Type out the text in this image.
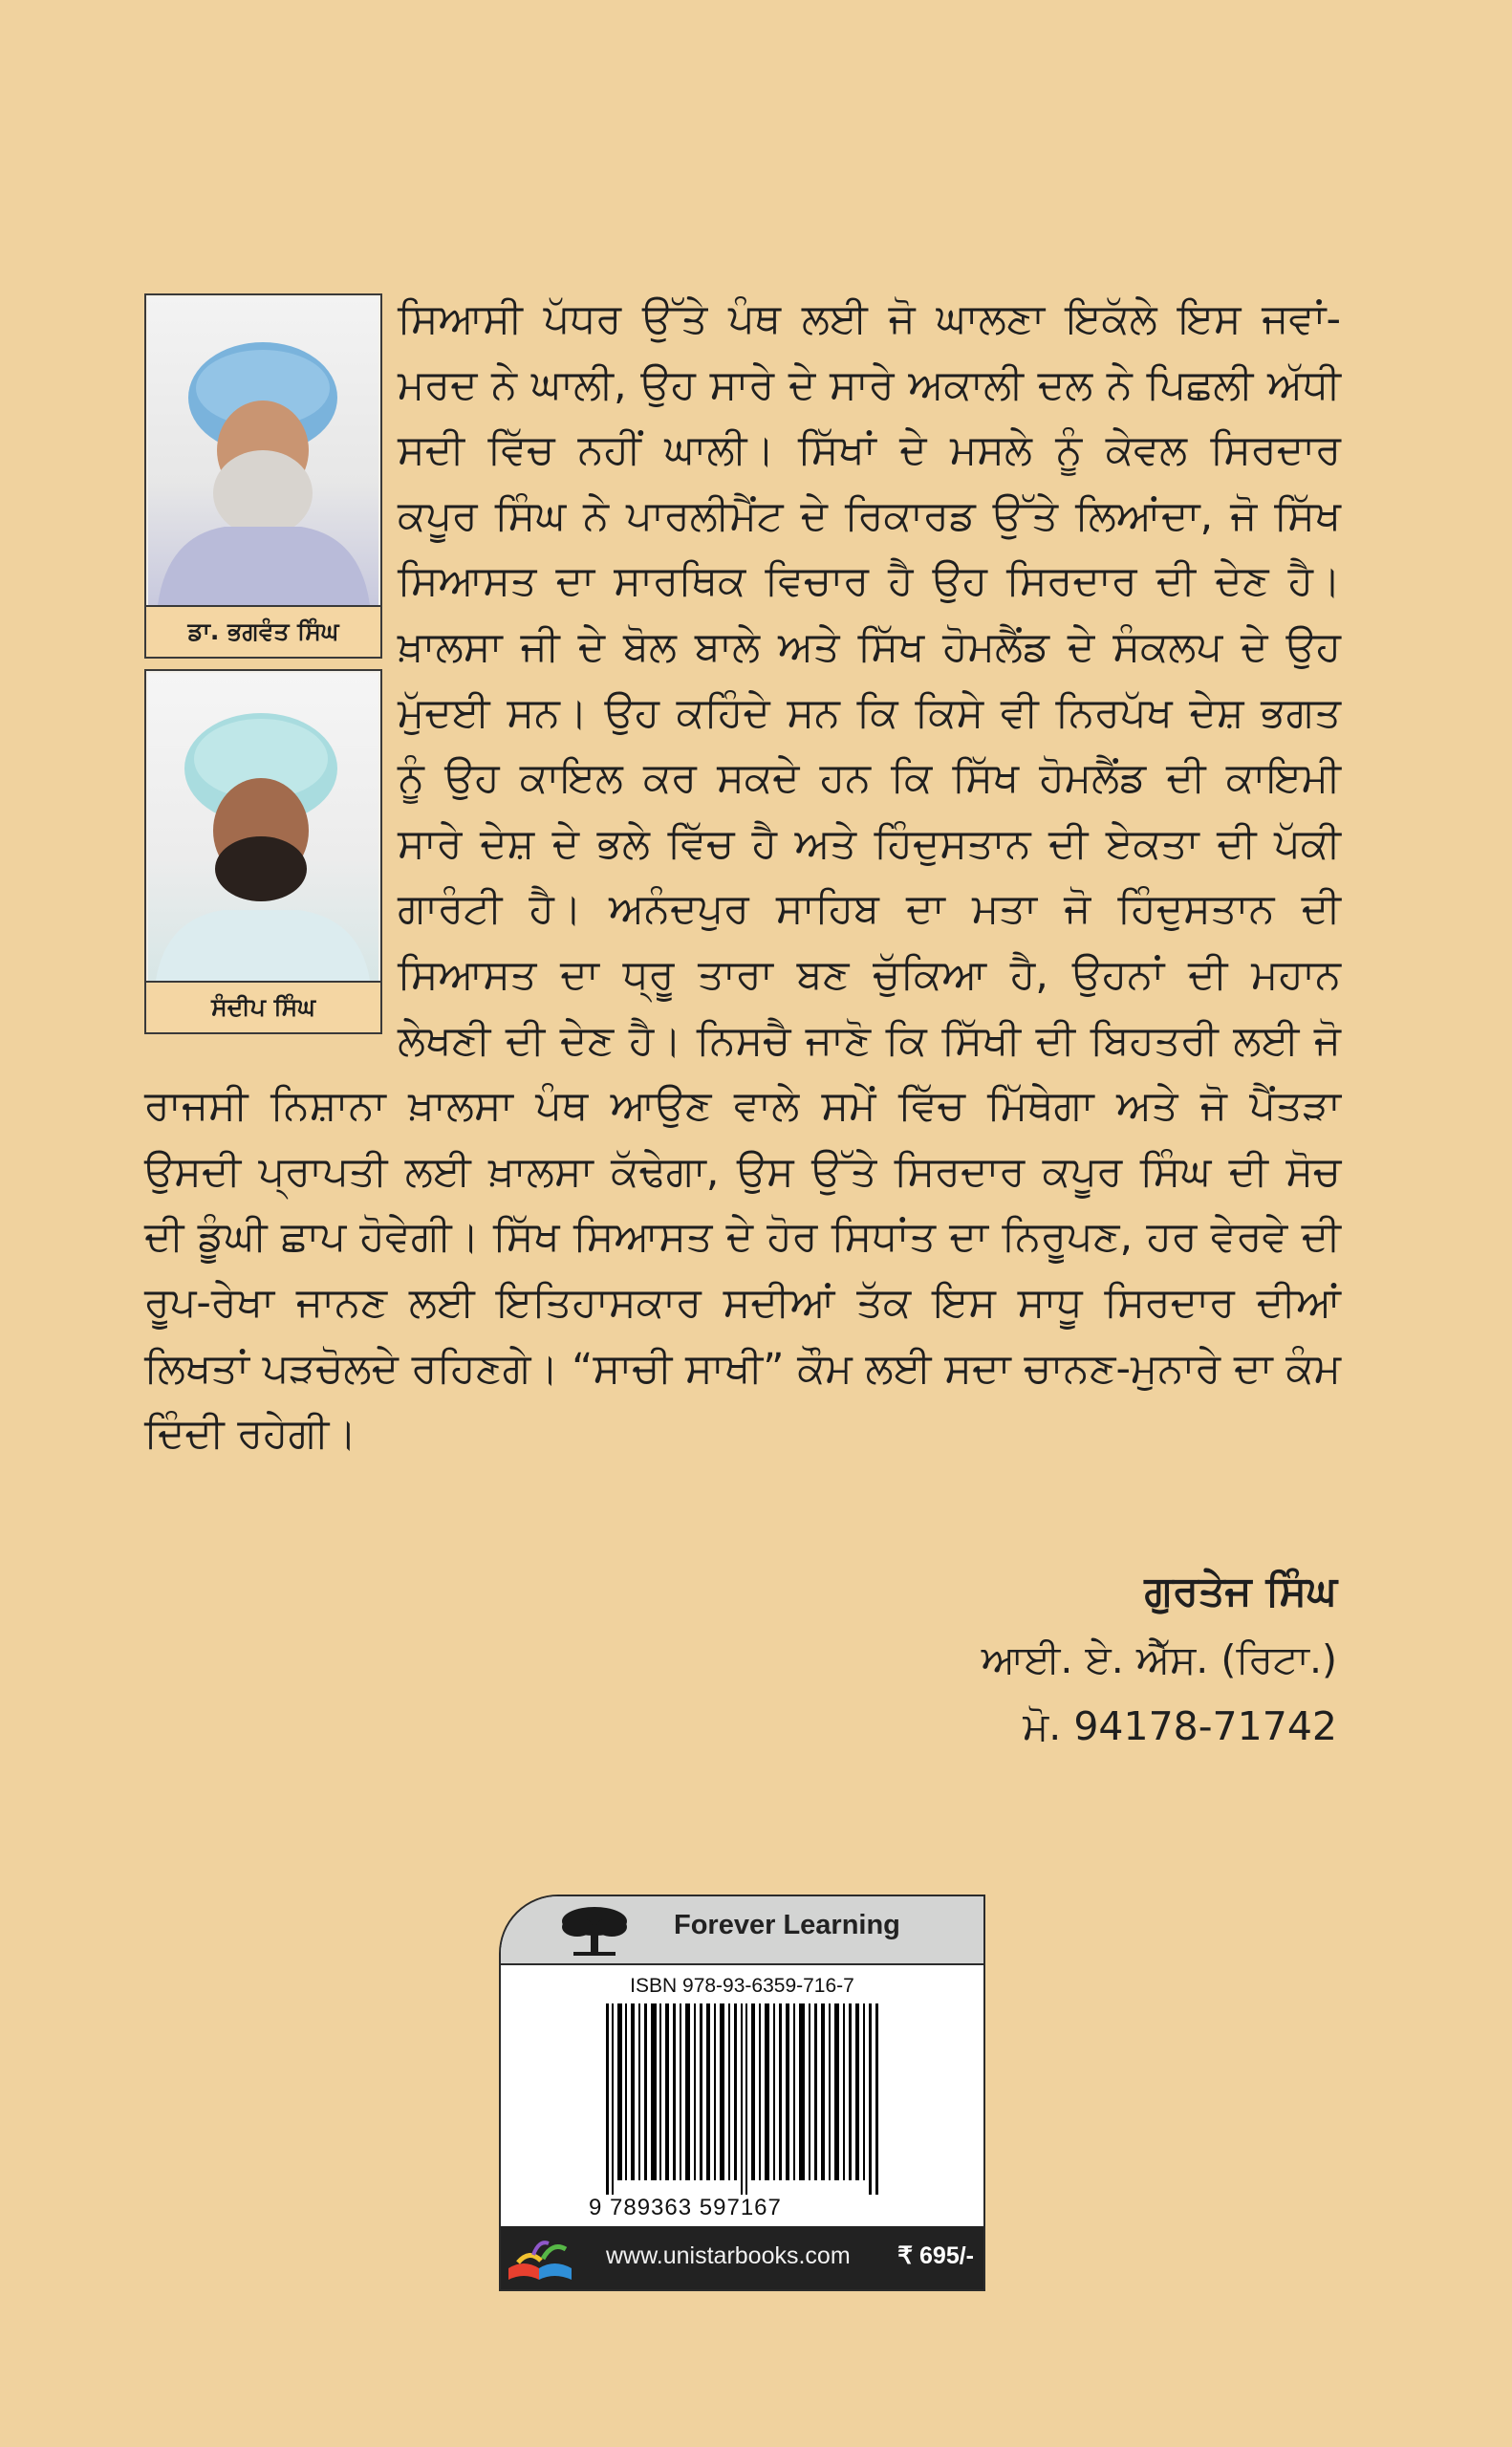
ਡਾ. ਭਗਵੰਤ ਸਿੰਘ
ਸੰਦੀਪ ਸਿੰਘ

ਸਿਆਸੀ ਪੱਧਰ ਉੱਤੇ ਪੰਥ ਲਈ ਜੋ ਘਾਲਣਾ ਇਕੱਲੇ ਇਸ ਜਵਾਂ-ਮਰਦ ਨੇ ਘਾਲੀ, ਉਹ ਸਾਰੇ ਦੇ ਸਾਰੇ ਅਕਾਲੀ ਦਲ ਨੇ ਪਿਛਲੀ ਅੱਧੀ ਸਦੀ ਵਿੱਚ ਨਹੀਂ ਘਾਲੀ। ਸਿੱਖਾਂ ਦੇ ਮਸਲੇ ਨੂੰ ਕੇਵਲ ਸਿਰਦਾਰ ਕਪੂਰ ਸਿੰਘ ਨੇ ਪਾਰਲੀਮੈਂਟ ਦੇ ਰਿਕਾਰਡ ਉੱਤੇ ਲਿਆਂਦਾ, ਜੋ ਸਿੱਖ ਸਿਆਸਤ ਦਾ ਸਾਰਥਿਕ ਵਿਚਾਰ ਹੈ ਉਹ ਸਿਰਦਾਰ ਦੀ ਦੇਣ ਹੈ। ਖ਼ਾਲਸਾ ਜੀ ਦੇ ਬੋਲ ਬਾਲੇ ਅਤੇ ਸਿੱਖ ਹੋਮਲੈਂਡ ਦੇ ਸੰਕਲਪ ਦੇ ਉਹ ਮੁੱਦਈ ਸਨ। ਉਹ ਕਹਿੰਦੇ ਸਨ ਕਿ ਕਿਸੇ ਵੀ ਨਿਰਪੱਖ ਦੇਸ਼ ਭਗਤ ਨੂੰ ਉਹ ਕਾਇਲ ਕਰ ਸਕਦੇ ਹਨ ਕਿ ਸਿੱਖ ਹੋਮਲੈਂਡ ਦੀ ਕਾਇਮੀ ਸਾਰੇ ਦੇਸ਼ ਦੇ ਭਲੇ ਵਿੱਚ ਹੈ ਅਤੇ ਹਿੰਦੁਸਤਾਨ ਦੀ ਏਕਤਾ ਦੀ ਪੱਕੀ ਗਾਰੰਟੀ ਹੈ। ਅਨੰਦਪੁਰ ਸਾਹਿਬ ਦਾ ਮਤਾ ਜੋ ਹਿੰਦੁਸਤਾਨ ਦੀ ਸਿਆਸਤ ਦਾ ਧ੍ਰੂ ਤਾਰਾ ਬਣ ਚੁੱਕਿਆ ਹੈ, ਉਹਨਾਂ ਦੀ ਮਹਾਨ ਲੇਖਣੀ ਦੀ ਦੇਣ ਹੈ। ਨਿਸਚੈ ਜਾਣੋ ਕਿ ਸਿੱਖੀ ਦੀ ਬਿਹਤਰੀ ਲਈ ਜੋ ਰਾਜਸੀ ਨਿਸ਼ਾਨਾ ਖ਼ਾਲਸਾ ਪੰਥ ਆਉਣ ਵਾਲੇ ਸਮੇਂ ਵਿੱਚ ਮਿੱਥੇਗਾ ਅਤੇ ਜੋ ਪੈਂਤੜਾ ਉਸਦੀ ਪ੍ਰਾਪਤੀ ਲਈ ਖ਼ਾਲਸਾ ਕੱਢੇਗਾ, ਉਸ ਉੱਤੇ ਸਿਰਦਾਰ ਕਪੂਰ ਸਿੰਘ ਦੀ ਸੋਚ ਦੀ ਡੂੰਘੀ ਛਾਪ ਹੋਵੇਗੀ। ਸਿੱਖ ਸਿਆਸਤ ਦੇ ਹੋਰ ਸਿਧਾਂਤ ਦਾ ਨਿਰੂਪਣ, ਹਰ ਵੇਰਵੇ ਦੀ ਰੂਪ-ਰੇਖਾ ਜਾਨਣ ਲਈ ਇਤਿਹਾਸਕਾਰ ਸਦੀਆਂ ਤੱਕ ਇਸ ਸਾਧੂ ਸਿਰਦਾਰ ਦੀਆਂ ਲਿਖਤਾਂ ਪੜਚੋਲਦੇ ਰਹਿਣਗੇ। “ਸਾਚੀ ਸਾਖੀ” ਕੌਮ ਲਈ ਸਦਾ ਚਾਨਣ-ਮੁਨਾਰੇ ਦਾ ਕੰਮ ਦਿੰਦੀ ਰਹੇਗੀ।

ਗੁਰਤੇਜ ਸਿੰਘ
ਆਈ. ਏ. ਐੱਸ. (ਰਿਟਾ.)
ਮੋ. 94178-71742
Forever Learning
ISBN 978-93-6359-716-7
9 789363 597167
www.unistarbooks.com ₹ 695/-
